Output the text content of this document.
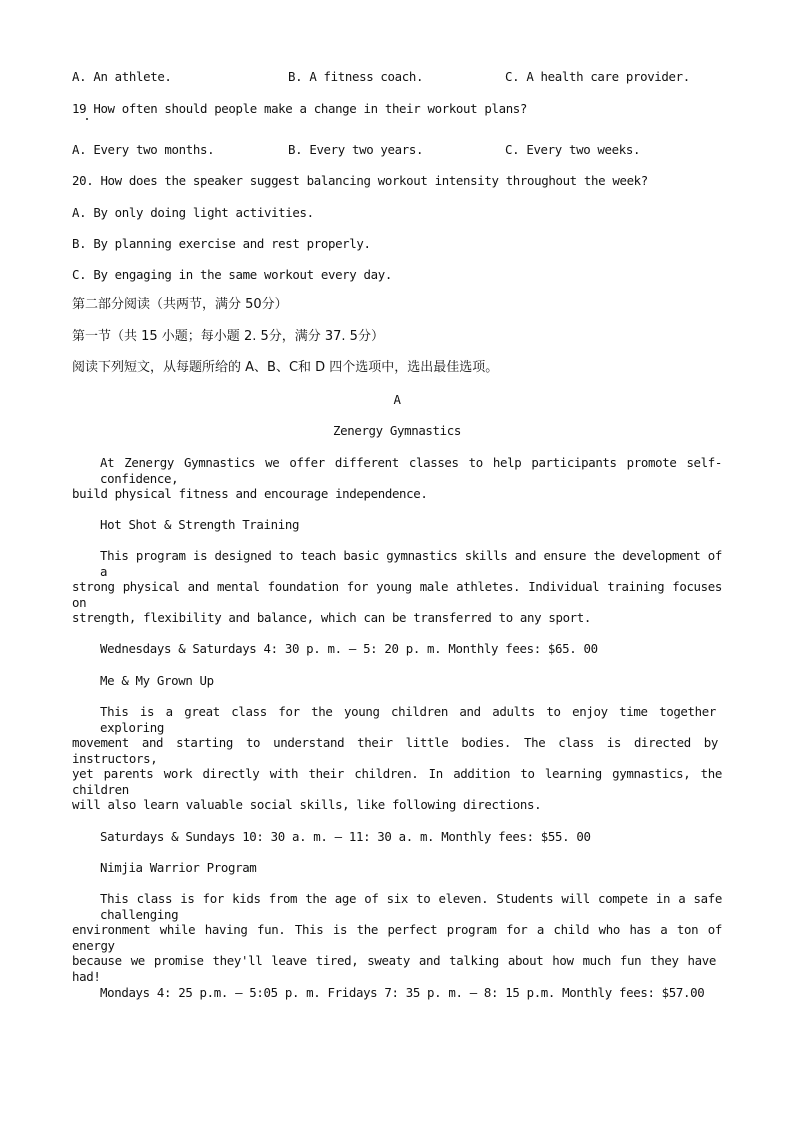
A. An athlete.	B. A fitness coach.	C. A health care provider.
19 How often should people make a change in their workout plans?
A. Every two months.	B. Every two years.	C. Every two weeks.
20. How does the speaker suggest balancing workout intensity throughout the week?
A. By only doing light activities.
B. By planning exercise and rest properly.
C. By engaging in the same workout every day.
第二部分阅读（共两节，满分 50分）
第一节（共 15 小题；每小题 2. 5分，满分 37. 5分）
阅读下列短文，从每题所给的 A、B、C和 D 四个选项中，选出最佳选项。
A
Zenergy Gymnastics
At Zenergy Gymnastics we offer different classes to help participants promote self-confidence,
build physical fitness and encourage independence.
Hot Shot & Strength Training
This program is designed to teach basic gymnastics skills and ensure the development of a
strong physical and mental foundation for young male athletes. Individual training focuses on
strength, flexibility and balance, which can be transferred to any sport.
Wednesdays & Saturdays 4: 30 p. m. — 5: 20 p. m. Monthly fees: $65. 00
Me & My Grown Up
This is a great class for the young children and adults to enjoy time together exploring
movement and starting to understand their little bodies. The class is directed by instructors,
yet parents work directly with their children. In addition to learning gymnastics, the children
will also learn valuable social skills, like following directions.
Saturdays & Sundays 10: 30 a. m. — 11: 30 a. m. Monthly fees: $55. 00
Nimjia Warrior Program
This class is for kids from the age of six to eleven. Students will compete in a safe challenging
environment while having fun. This is the perfect program for a child who has a ton of energy
because we promise they'll leave tired, sweaty and talking about how much fun they have had!
Mondays 4: 25 p.m. — 5:05 p. m. Fridays 7: 35 p. m. — 8: 15 p.m. Monthly fees: $57.00
